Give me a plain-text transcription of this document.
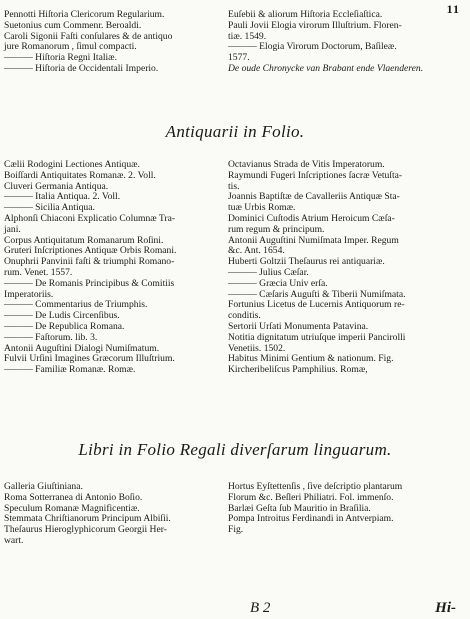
11
Pennotti Hiſtoria Clericorum Regularium.
Suetonius cum Commenr. Beroaldi.
Caroli Sigonii Faſti conſulares & de antiquo
jure Romanorum , ſimul compacti.
——— Hiſtoria Regni Italiæ.
——— Hiſtoria de Occidentali Imperio.
Euſebii & aliorum Hiſtoria Eccleſiaſtica.
Pauli Jovii Elogia virorum Illuſtrium. Floren-
tiæ. 1549.
——— Elogia Virorum Doctorum, Baſileæ.
1577.
De oude Chronycke van Brabant ende Vlaenderen.
Antiquarii in Folio.
Cælii Rodogini Lectiones Antiquæ.
Boiſſardi Antiquitates Romanæ. 2. Voll.
Cluveri Germania Antiqua.
——— Italia Antiqua. 2. Voll.
——— Sicilia Antiqua.
Alphonſi Chiaconi Explicatio Columnæ Tra-
jani.
Corpus Antiquitatum Romanarum Roſini.
Gruteri Inſcriptiones Antiquæ Orbis Romani.
Onuphrii Panvinii faſti & triumphi Romano-
rum. Venet. 1557.
——— De Romanis Principibus & Comitiis
Imperatoriis.
——— Commentarius de Triumphis.
——— De Ludis Circenſibus.
——— De Republica Romana.
——— Faſtorum. lib. 3.
Antonii Auguſtini Dialogi Numiſmatum.
Fulvii Urſini Imagines Græcorum Illuſtrium.
——— Familiæ Romanæ. Romæ.
Octavianus Strada de Vitis Imperatorum.
Raymundi Fugeri Inſcriptiones ſacræ Vetuſta-
tis.
Joannis Baptiſtæ de Cavalleriis Antiquæ Sta-
tuæ Urbis Romæ.
Dominici Cuſtodis Atrium Heroicum Cæſa-
rum regum & principum.
Antonii Auguſtini Numiſmata Imper. Regum
&c. Ant. 1654.
Huberti Goltzii Theſaurus rei antiquariæ.
——— Julius Cæſar.
——— Græcia Univ erſa.
——— Cæſaris Auguſti & Tiberii Numiſmata.
Fortunius Licetus de Lucernis Antiquorum re-
conditis.
Sertorii Urſati Monumenta Patavina.
Notitia dignitatum utriuſque imperii Pancirolli
Venetiis. 1502.
Habitus Minimi Gentium & nationum. Fig.
Kircheribeliſcus Pamphilius. Romæ,
Libri in Folio Regali diverſarum linguarum.
Galleria Giuſtiniana.
Roma Sotterranea di Antonio Boſio.
Speculum Romanæ Magnificentiæ.
Stemmata Chriſtianorum Principum Albiſii.
Theſaurus Hieroglyphicorum Georgii Her-
wart.
Hortus Eyſtettenſis , ſive deſcriptio plantarum
Florum &c. Beſleri Philiatri. Fol. immenſo.
Barlæi Geſta ſub Mauritio in Braſilia.
Pompa Introitus Ferdinandi in Antverpiam.
Fig.
B 2	Hi-
